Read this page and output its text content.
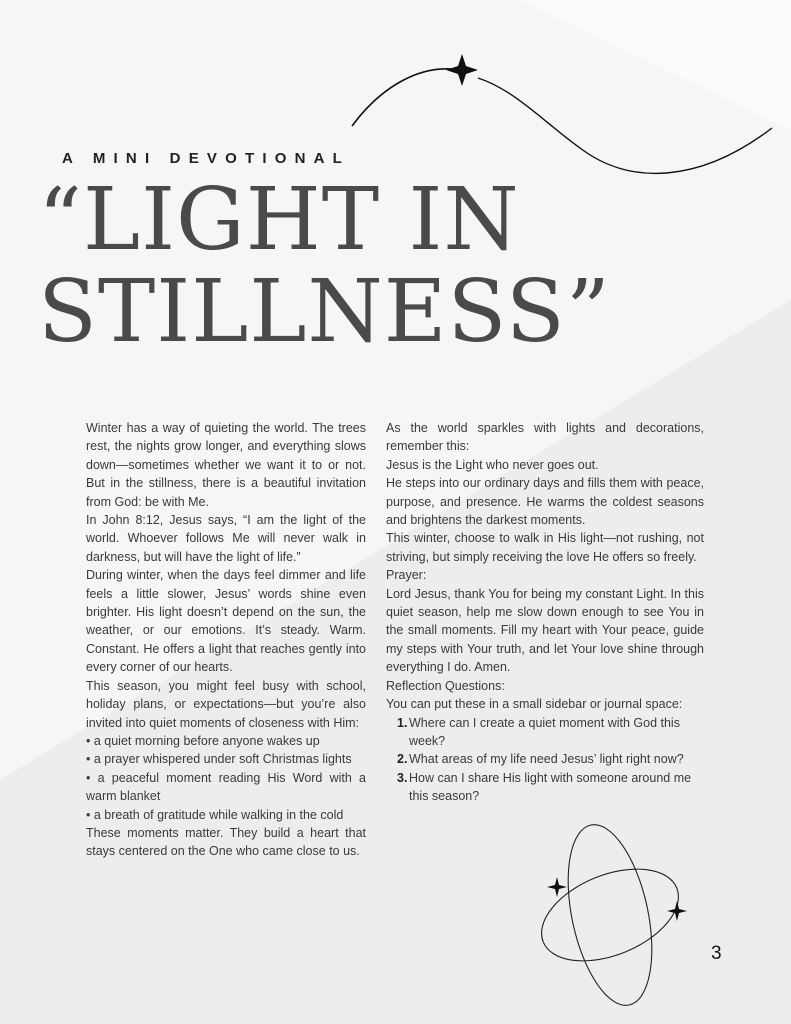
A MINI DEVOTIONAL
“LIGHT IN
STILLNESS”

Winter has a way of quieting the world. The trees rest, the nights grow longer, and everything slows down—sometimes whether we want it to or not. But in the stillness, there is a beautiful invitation from God: be with Me.

In John 8:12, Jesus says, “I am the light of the world. Whoever follows Me will never walk in darkness, but will have the light of life.”

During winter, when the days feel dimmer and life feels a little slower, Jesus’ words shine even brighter. His light doesn’t depend on the sun, the weather, or our emotions. It’s steady. Warm. Constant. He offers a light that reaches gently into every corner of our hearts.

This season, you might feel busy with school, holiday plans, or expectations—but you’re also invited into quiet moments of closeness with Him:

• a quiet morning before anyone wakes up
• a prayer whispered under soft Christmas lights
• a peaceful moment reading His Word with a warm blanket
• a breath of gratitude while walking in the cold

These moments matter. They build a heart that stays centered on the One who came close to us.

As the world sparkles with lights and decorations, remember this:

Jesus is the Light who never goes out.

He steps into our ordinary days and fills them with peace, purpose, and presence. He warms the coldest seasons and brightens the darkest moments.

This winter, choose to walk in His light—not rushing, not striving, but simply receiving the love He offers so freely.

Prayer:

Lord Jesus, thank You for being my constant Light. In this quiet season, help me slow down enough to see You in the small moments. Fill my heart with Your peace, guide my steps with Your truth, and let Your love shine through everything I do. Amen.

Reflection Questions:

You can put these in a small sidebar or journal space:

1. Where can I create a quiet moment with God this week?
2. What areas of my life need Jesus’ light right now?
3. How can I share His light with someone around me this season?
3
